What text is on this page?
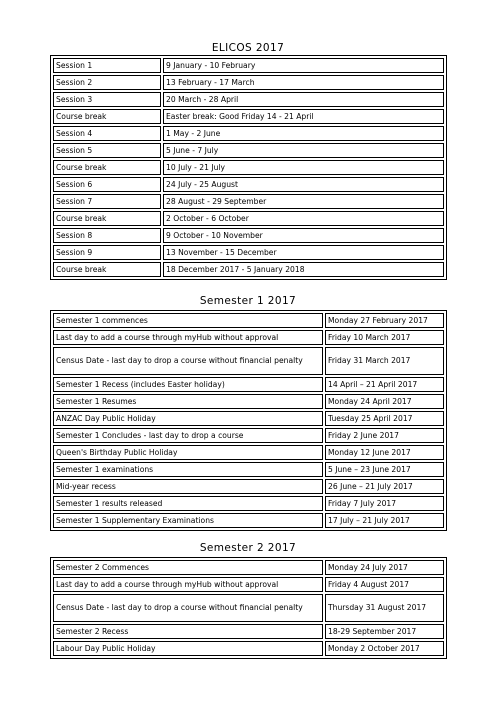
ELICOS 2017
Session 1	9 January - 10 February
Session 2	13 February - 17 March
Session 3	20 March - 28 April
Course break	Easter break: Good Friday 14 - 21 April
Session 4	1 May - 2 June
Session 5	5 June - 7 July
Course break	10 July - 21 July
Session 6	24 July - 25 August
Session 7	28 August - 29 September
Course break	2 October - 6 October
Session 8	9 October - 10 November
Session 9	13 November - 15 December
Course break	18 December 2017 - 5 January 2018
Semester 1 2017
Semester 1 commences	Monday 27 February 2017
Last day to add a course through myHub without approval	Friday 10 March 2017
Census Date - last day to drop a course without financial penalty	Friday 31 March 2017
Semester 1 Recess (includes Easter holiday)	14 April – 21 April 2017
Semester 1 Resumes	Monday 24 April 2017
ANZAC Day Public Holiday	Tuesday 25 April 2017
Semester 1 Concludes - last day to drop a course	Friday 2 June 2017
Queen's Birthday Public Holiday	Monday 12 June 2017
Semester 1 examinations	5 June – 23 June 2017
Mid-year recess	26 June – 21 July 2017
Semester 1 results released	Friday 7 July 2017
Semester 1 Supplementary Examinations	17 July – 21 July 2017
Semester 2 2017
Semester 2 Commences	Monday 24 July 2017
Last day to add a course through myHub without approval	Friday 4 August 2017
Census Date - last day to drop a course without financial penalty	Thursday 31 August 2017
Semester 2 Recess	18-29 September 2017
Labour Day Public Holiday	Monday 2 October 2017
